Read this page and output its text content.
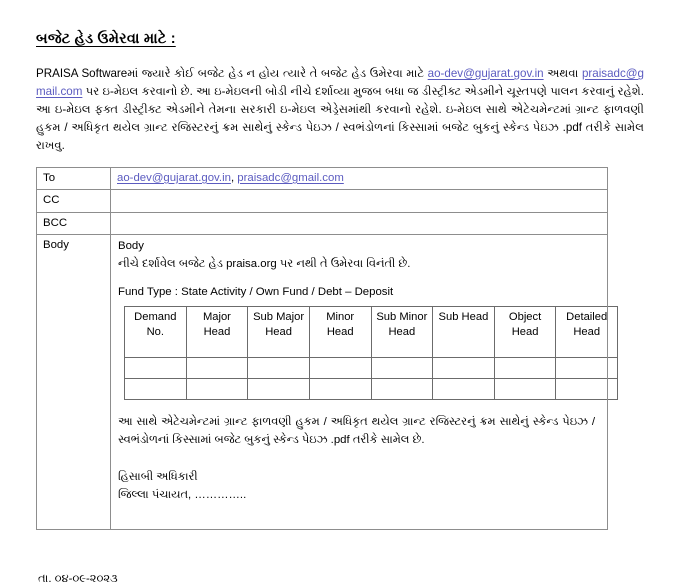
બજેટ હેડ ઉમેરવા માટે :

PRAISA Softwareમાં જ્યારે કોઈ બજેટ હેડ ન હોય ત્યારે તે બજેટ હેડ ઉમેરવા માટે ao-dev@gujarat.gov.in અથવા praisadc@gmail.com પર ઇ-મેઇલ કરવાનો છે. આ ઇ-મેઇલની બોડી નીચે દર્શાવ્યા મુજબ બધા જ ડીસ્ટ્રીક્ટ એડમીને ચૂસ્તપણે પાલન કરવાનું રહેશે. આ ઇ-મેઇલ ફક્ત ડીસ્ટ્રીક્ટ એડમીને તેમના સરકારી ઇ-મેઇલ એડ્રેસમાંથી કરવાનો રહેશે. ઇ-મેઇલ સાથે એટેચમેન્ટમાં ગ્રાન્ટ ફાળવણી હુકમ / અધિકૃત થયેલ ગ્રાન્ટ રજિસ્ટરનું ક્રમ સાથેનું સ્કેન્ડ પેઇઝ / સ્વભંડોળનાં કિસ્સામાં બજેટ બુકનું સ્કેન્ડ પેઇઝ .pdf તરીકે સામેલ રાખવુ.

To	ao-dev@gujarat.gov.in, praisadc@gmail.com
CC	
BCC	
Body	Body
નીચે દર્શાવેલ બજેટ હેડ praisa.org પર નથી તે ઉમેરવા વિનંતી છે.
Fund Type : State Activity / Own Fund / Debt – Deposit
Demand No.	Major Head	Sub Major Head	Minor Head	Sub Minor Head	Sub Head	Object Head	Detailed Head

આ સાથે એટેચમેન્ટમાં ગ્રાન્ટ ફાળવણી હુકમ / અધિકૃત થયેલ ગ્રાન્ટ રજિસ્ટરનું ક્રમ સાથેનું સ્કેન્ડ પેઇઝ / સ્વભંડોળનાં કિસ્સામાં બજેટ બુકનું સ્કેન્ડ પેઇઝ .pdf તરીકે સામેલ છે.
હિસાબી અધિકારી
જિલ્લા પંચાયત, …………..
તા. ૦૪-૦૯-૨૦૨૩
